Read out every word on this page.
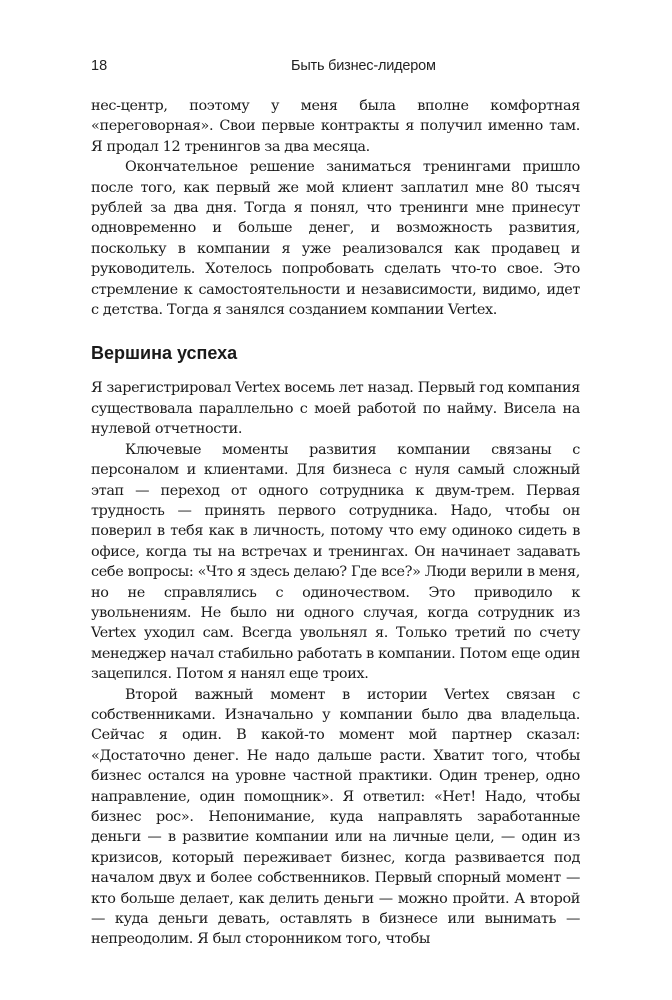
18	Быть бизнес-лидером

нес-центр, поэтому у меня была вполне комфортная «переговорная». Свои первые контракты я получил именно там. Я продал 12 тренингов за два месяца.

Окончательное решение заниматься тренингами пришло после того, как первый же мой клиент заплатил мне 80 тысяч рублей за два дня. Тогда я понял, что тренинги мне принесут одновременно и больше денег, и возможность развития, поскольку в компании я уже реализовался как продавец и руководитель. Хотелось попробовать сделать что-то свое. Это стремление к самостоятельности и независимости, видимо, идет с детства. Тогда я занялся созданием компании Vertex.

Вершина успеха

Я зарегистрировал Vertex восемь лет назад. Первый год компания существовала параллельно с моей работой по найму. Висела на нулевой отчетности.

Ключевые моменты развития компании связаны с персоналом и клиентами. Для бизнеса с нуля самый сложный этап — переход от одного сотрудника к двум-трем. Первая трудность — принять первого сотрудника. Надо, чтобы он поверил в тебя как в личность, потому что ему одиноко сидеть в офисе, когда ты на встречах и тренингах. Он начинает задавать себе вопросы: «Что я здесь делаю? Где все?» Люди верили в меня, но не справлялись с одиночеством. Это приводило к увольнениям. Не было ни одного случая, когда сотрудник из Vertex уходил сам. Всегда увольнял я. Только третий по счету менеджер начал стабильно работать в компании. Потом еще один зацепился. Потом я нанял еще троих.

Второй важный момент в истории Vertex связан с собственниками. Изначально у компании было два владельца. Сейчас я один. В какой-то момент мой партнер сказал: «Достаточно денег. Не надо дальше расти. Хватит того, чтобы бизнес остался на уровне частной практики. Один тренер, одно направление, один помощник». Я ответил: «Нет! Надо, чтобы бизнес рос». Непонимание, куда направлять заработанные деньги — в развитие компании или на личные цели, — один из кризисов, который переживает бизнес, когда развивается под началом двух и более собственников. Первый спорный момент — кто больше делает, как делить деньги — можно пройти. А второй — куда деньги девать, оставлять в бизнесе или вынимать — непреодолим. Я был сторонником того, чтобы
